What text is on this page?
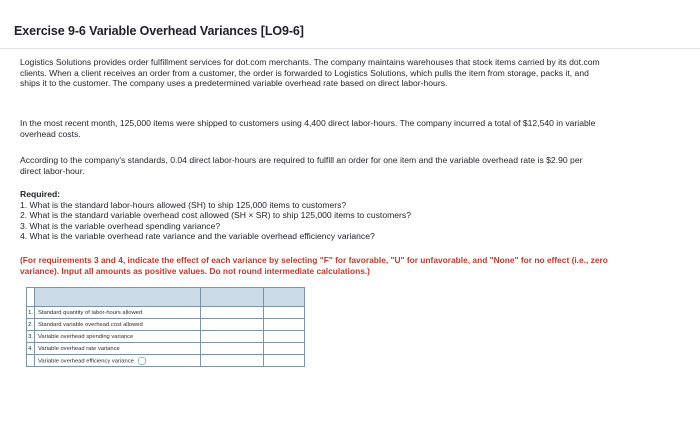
Exercise 9-6 Variable Overhead Variances [LO9-6]

Logistics Solutions provides order fulfillment services for dot.com merchants. The company maintains warehouses that stock items carried by its dot.com clients. When a client receives an order from a customer, the order is forwarded to Logistics Solutions, which pulls the item from storage, packs it, and ships it to the customer. The company uses a predetermined variable overhead rate based on direct labor-hours.

In the most recent month, 125,000 items were shipped to customers using 4,400 direct labor-hours. The company incurred a total of $12,540 in variable overhead costs.

According to the company's standards, 0.04 direct labor-hours are required to fulfill an order for one item and the variable overhead rate is $2.90 per direct labor-hour.

Required:
1. What is the standard labor-hours allowed (SH) to ship 125,000 items to customers?
2. What is the standard variable overhead cost allowed (SH × SR) to ship 125,000 items to customers?
3. What is the variable overhead spending variance?
4. What is the variable overhead rate variance and the variable overhead efficiency variance?
(For requirements 3 and 4, indicate the effect of each variance by selecting "F" for favorable, "U" for unfavorable, and "None" for no effect (i.e., zero variance). Input all amounts as positive values. Do not round intermediate calculations.)

1.	Standard quantity of labor-hours allowed		
2.	Standard variable overhead cost allowed		
3.	Variable overhead spending variance		
4.	Variable overhead rate variance		
	Variable overhead efficiency variance		
